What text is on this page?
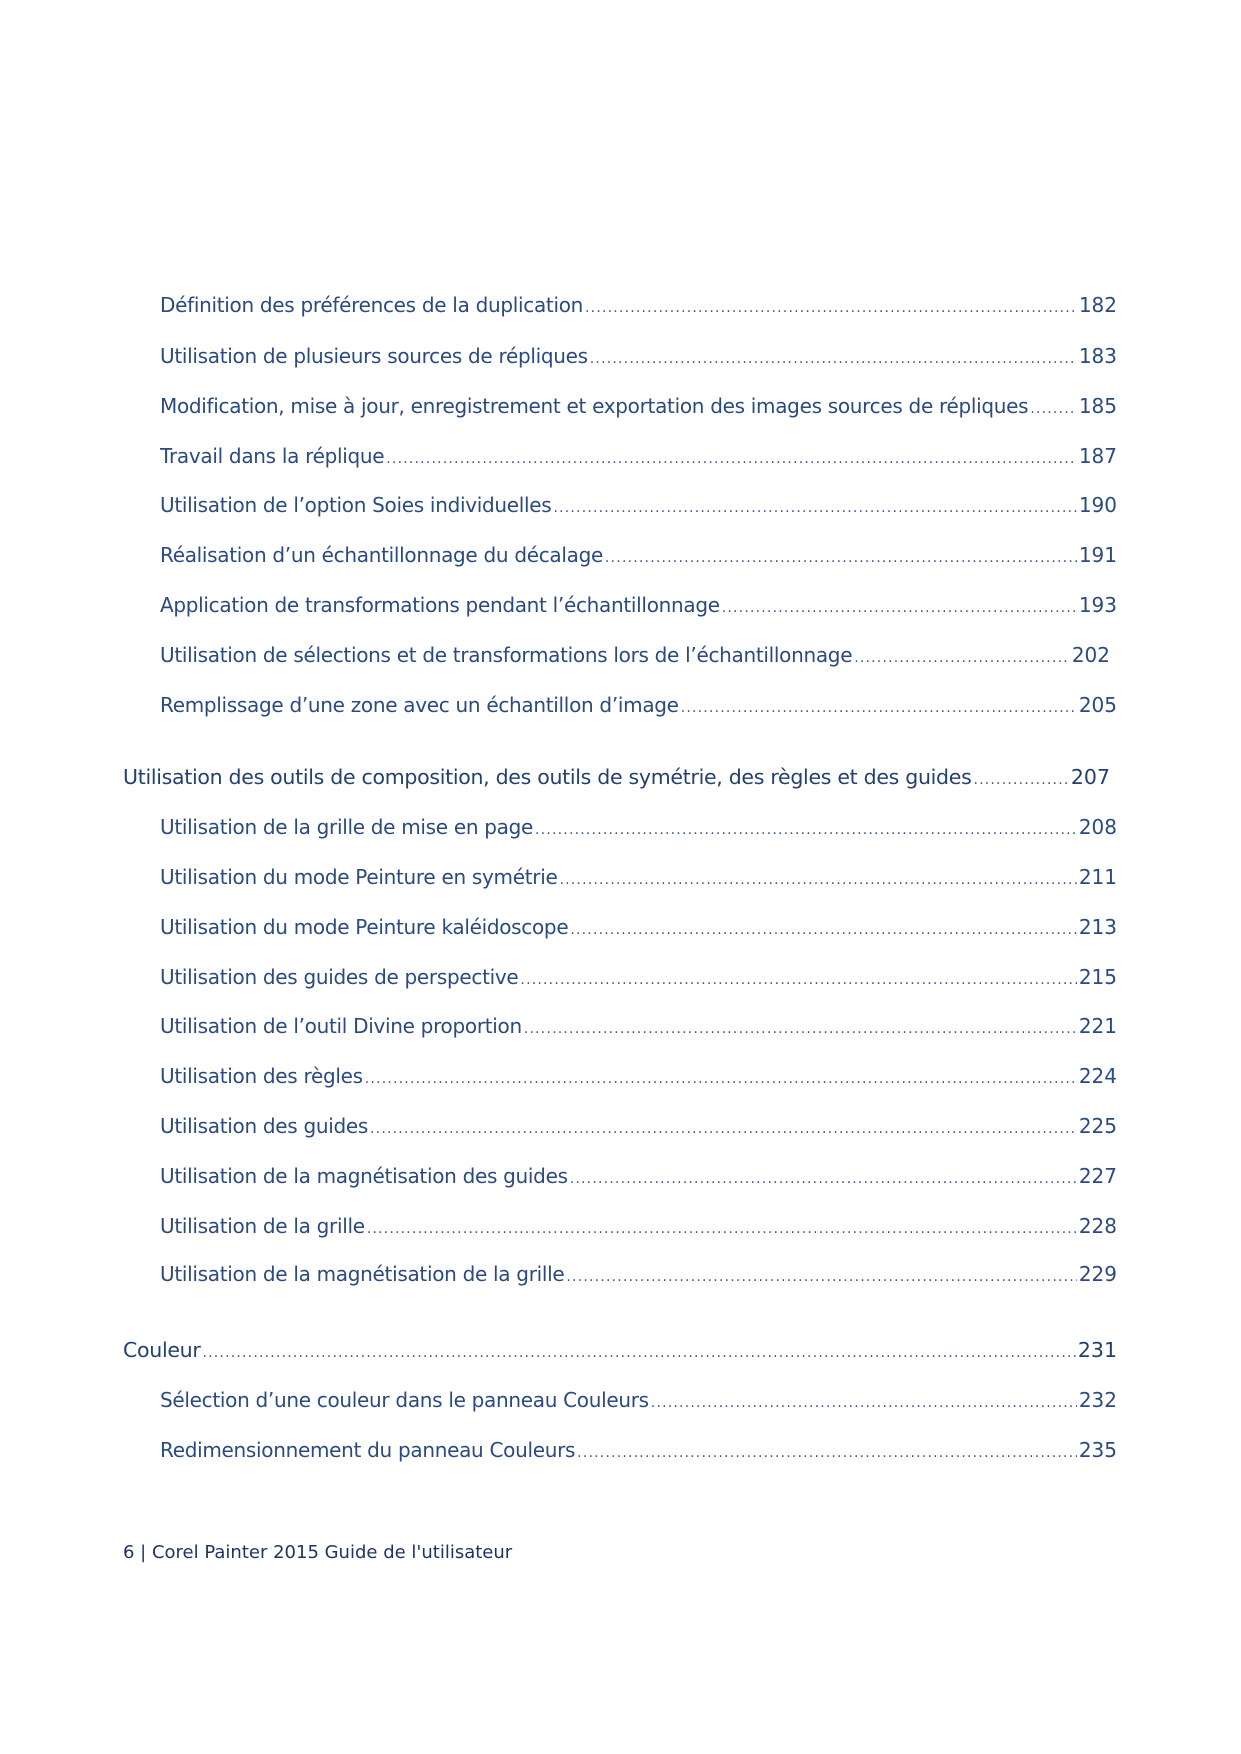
Définition des préférences de la duplication .....	182
Utilisation de plusieurs sources de répliques .....	183
Modification, mise à jour, enregistrement et exportation des images sources de répliques .....	185
Travail dans la réplique .....	187
Utilisation de l’option Soies individuelles .....	190
Réalisation d’un échantillonnage du décalage .....	191
Application de transformations pendant l’échantillonnage .....	193
Utilisation de sélections et de transformations lors de l’échantillonnage .....	202
Remplissage d’une zone avec un échantillon d’image .....	205
Utilisation des outils de composition, des outils de symétrie, des règles et des guides .....	207
Utilisation de la grille de mise en page .....	208
Utilisation du mode Peinture en symétrie .....	211
Utilisation du mode Peinture kaléidoscope .....	213
Utilisation des guides de perspective .....	215
Utilisation de l’outil Divine proportion .....	221
Utilisation des règles .....	224
Utilisation des guides .....	225
Utilisation de la magnétisation des guides .....	227
Utilisation de la grille .....	228
Utilisation de la magnétisation de la grille .....	229
Couleur .....	231
Sélection d’une couleur dans le panneau Couleurs .....	232
Redimensionnement du panneau Couleurs .....	235
6 | Corel Painter 2015 Guide de l'utilisateur
